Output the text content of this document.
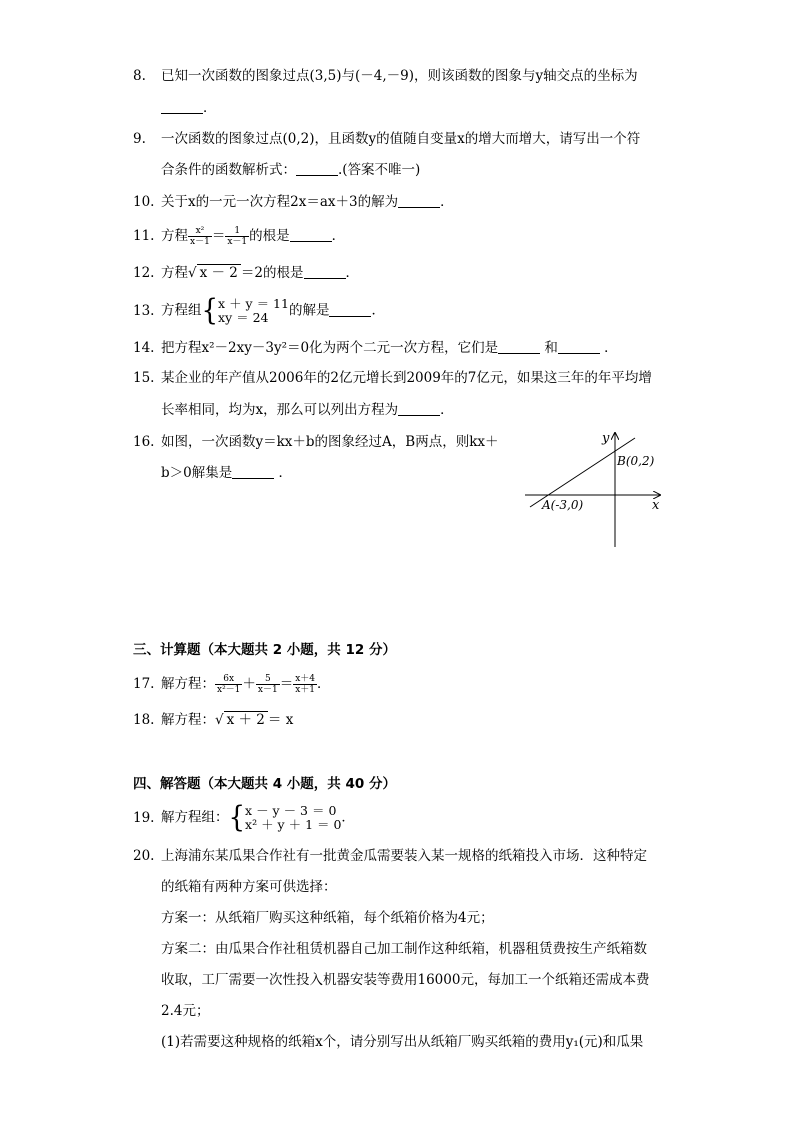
8. 已知一次函数的图象过点(3,5)与(－4,－9)，则该函数的图象与y轴交点的坐标为
．
9. 一次函数的图象过点(0,2)，且函数y的值随自变量x的增大而增大，请写出一个符
合条件的函数解析式：	.(答案不唯一)
10. 关于x的一元一次方程2x＝ax＋3的解为	．
11. 方程 $\frac{\text{x²}}{x-1} = \frac{1}{x-1}$ 的根是	．
12. 方程√ x － 2 ＝2的根是	．
13. 方程组{ x ＋ y ＝ 11
xy ＝ 24	的解是	．
14. 把方程x²－2xy－3y²＝0化为两个二元一次方程，它们是	和	．
15. 某企业的年产值从2006年的2亿元增长到2009年的7亿元，如果这三年的年平均增
长率相同，均为x，那么可以列出方程为	．
16. 如图，一次函数y＝kx＋b的图象经过A，B两点，则kx＋
b＞0解集是	．
y
x
B(0,2)
A(-3,0)
三、计算题（本大题共 2 小题，共 12 分）
17. 解方程： $\frac{6x}{\text{x²－1}} + \frac{5}{x-1} = \frac{x+4}{x+1}$ ．
18. 解方程：√ x ＋ 2 ＝ x
四、解答题（本大题共 4 小题，共 40 分）
19. 解方程组：{ x － y － 3 ＝ 0
x² ＋ y ＋ 1 ＝ 0 ．
20. 上海浦东某瓜果合作社有一批黄金瓜需要装入某一规格的纸箱投入市场．这种特定
的纸箱有两种方案可供选择：
方案一：从纸箱厂购买这种纸箱，每个纸箱价格为4元；
方案二：由瓜果合作社租赁机器自己加工制作这种纸箱，机器租赁费按生产纸箱数
收取，工厂需要一次性投入机器安装等费用16000元，每加工一个纸箱还需成本费
2.4元；
(1)若需要这种规格的纸箱x个，请分别写出从纸箱厂购买纸箱的费用y₁(元)和瓜果
